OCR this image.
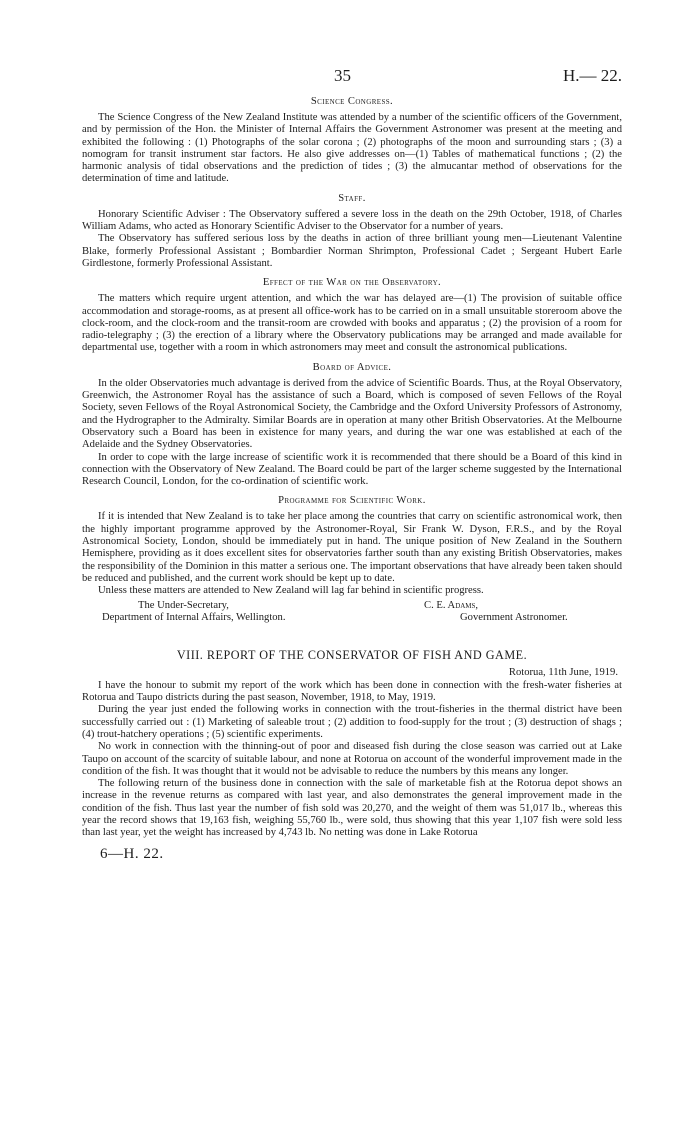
35	H.— 22.
Science Congress.

The Science Congress of the New Zealand Institute was attended by a number of the scientific officers of the Government, and by permission of the Hon. the Minister of Internal Affairs the Government Astronomer was present at the meeting and exhibited the following : (1) Photographs of the solar corona ; (2) photographs of the moon and surrounding stars ; (3) a nomogram for transit instrument star factors. He also give addresses on—(1) Tables of mathematical functions ; (2) the harmonic analysis of tidal observations and the prediction of tides ; (3) the almucantar method of observations for the determination of time and latitude.

Staff.

Honorary Scientific Adviser : The Observatory suffered a severe loss in the death on the 29th October, 1918, of Charles William Adams, who acted as Honorary Scientific Adviser to the Observator for a number of years.

The Observatory has suffered serious loss by the deaths in action of three brilliant young men—Lieutenant Valentine Blake, formerly Professional Assistant ; Bombardier Norman Shrimpton, Professional Cadet ; Sergeant Hubert Earle Girdlestone, formerly Professional Assistant.

Effect of the War on the Observatory.

The matters which require urgent attention, and which the war has delayed are—(1) The provision of suitable office accommodation and storage-rooms, as at present all office-work has to be carried on in a small unsuitable storeroom above the clock-room, and the clock-room and the transit-room are crowded with books and apparatus ; (2) the provision of a room for radio-telegraphy ; (3) the erection of a library where the Observatory publications may be arranged and made available for departmental use, together with a room in which astronomers may meet and consult the astronomical publications.

Board of Advice.

In the older Observatories much advantage is derived from the advice of Scientific Boards. Thus, at the Royal Observatory, Greenwich, the Astronomer Royal has the assistance of such a Board, which is composed of seven Fellows of the Royal Society, seven Fellows of the Royal Astronomical Society, the Cambridge and the Oxford University Professors of Astronomy, and the Hydrographer to the Admiralty. Similar Boards are in operation at many other British Observatories. At the Melbourne Observatory such a Board has been in existence for many years, and during the war one was established at each of the Adelaide and the Sydney Observatories.

In order to cope with the large increase of scientific work it is recommended that there should be a Board of this kind in connection with the Observatory of New Zealand. The Board could be part of the larger scheme suggested by the International Research Council, London, for the co-ordination of scientific work.

Programme for Scientific Work.

If it is intended that New Zealand is to take her place among the countries that carry on scientific astronomical work, then the highly important programme approved by the Astronomer-Royal, Sir Frank W. Dyson, F.R.S., and by the Royal Astronomical Society, London, should be immediately put in hand. The unique position of New Zealand in the Southern Hemisphere, providing as it does excellent sites for observatories farther south than any existing British Observatories, makes the responsibility of the Dominion in this matter a serious one. The important observations that have already been taken should be reduced and published, and the current work should be kept up to date.

Unless these matters are attended to New Zealand will lag far behind in scientific progress.

The Under-Secretary,
Department of Internal Affairs, Wellington.
C. E. Adams,
Government Astronomer.
VIII. REPORT OF THE CONSERVATOR OF FISH AND GAME.
Rotorua, 11th June, 1919.

I have the honour to submit my report of the work which has been done in connection with the fresh-water fisheries at Rotorua and Taupo districts during the past season, November, 1918, to May, 1919.

During the year just ended the following works in connection with the trout-fisheries in the thermal district have been successfully carried out : (1) Marketing of saleable trout ; (2) addition to food-supply for the trout ; (3) destruction of shags ; (4) trout-hatchery operations ; (5) scientific experiments.

No work in connection with the thinning-out of poor and diseased fish during the close season was carried out at Lake Taupo on account of the scarcity of suitable labour, and none at Rotorua on account of the wonderful improvement made in the condition of the fish. It was thought that it would not be advisable to reduce the numbers by this means any longer.

The following return of the business done in connection with the sale of marketable fish at the Rotorua depot shows an increase in the revenue returns as compared with last year, and also demonstrates the general improvement made in the condition of the fish. Thus last year the number of fish sold was 20,270, and the weight of them was 51,017 lb., whereas this year the record shows that 19,163 fish, weighing 55,760 lb., were sold, thus showing that this year 1,107 fish were sold less than last year, yet the weight has increased by 4,743 lb. No netting was done in Lake Rotorua

6—H. 22.
